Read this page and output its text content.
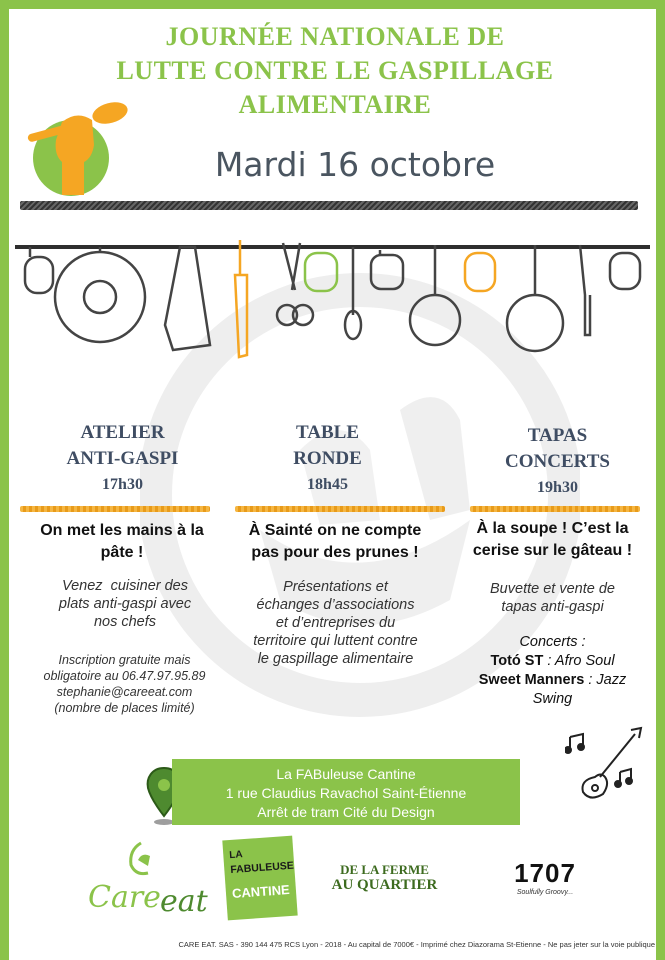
JOURNÉE NATIONALE DE
LUTTE CONTRE LE GASPILLAGE
ALIMENTAIRE
Mardi 16 octobre
ATELIER
ANTI-GASPI
17h30
TABLE
RONDE
18h45
TAPAS
CONCERTS
19h30
On met les mains à la
pâte !
À Sainté on ne compte
pas pour des prunes !
À la soupe ! C’est la
cerise sur le gâteau !
Venez  cuisiner des
plats anti-gaspi avec
nos chefs
Inscription gratuite mais
obligatoire au 06.47.97.95.89
stephanie@careeat.com
(nombre de places limité)
Présentations et
échanges d’associations
et d’entreprises du
territoire qui luttent contre
le gaspillage alimentaire
Buvette et vente de
tapas anti-gaspi
Concerts :
Totó ST : Afro Soul
Sweet Manners : Jazz
Swing
La FABuleuse Cantine
1 rue Claudius Ravachol Saint-Étienne
Arrêt de tram Cité du Design
Care eat
LA
FABULEUSE
CANTINE
DE LA FERME
AU QUARTIER	1707
Soulfully Groovy...
CARE EAT. SAS - 390 144 475 RCS Lyon - 2018 - Au capital de 7000€ - Imprimé chez Diazorama St-Etienne - Ne pas jeter sur la voie publique
